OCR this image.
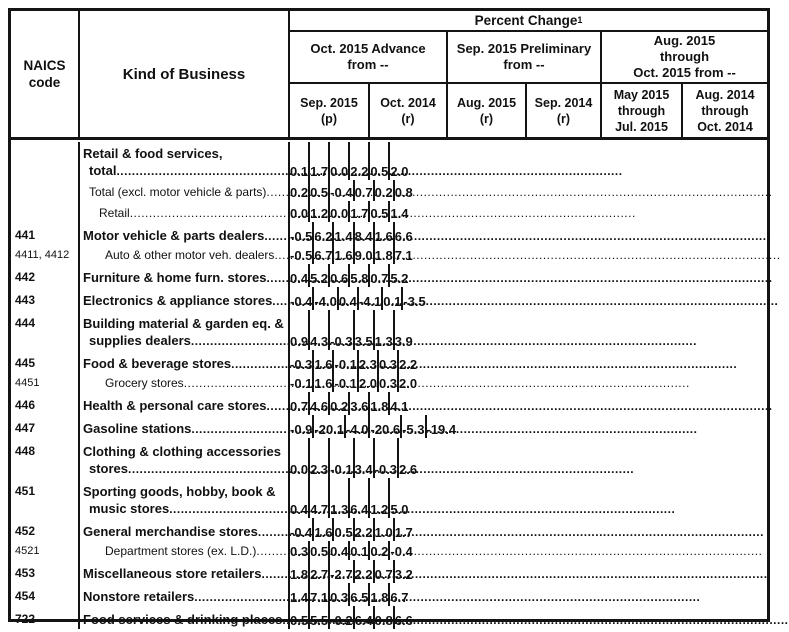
NAICS
code	Kind of Business
Percent Change$^1$
Oct. 2015 Advance
from --
Sep. 2015 Preliminary
from --
Aug. 2015
through
Oct. 2015 from --
Sep. 2015
(p)
Oct. 2014
(r)
Aug. 2015
(r)
Sep. 2014
(r)
May 2015
through
Jul. 2015
Aug. 2014
through
Oct. 2014
Retail & food services,
total .....	0.1 1.7 0.0 2.2 0.5 2.0
Total (excl. motor vehicle & parts) ..... 0.2 0.5 -0.4 0.7 0.2 0.8
Retail .....	0.0 1.2 0.0 1.7 0.5 1.4
441	Motor vehicle & parts dealers ..... -0.5 6.2 1.4 8.4 1.6 6.6
4411, 4412	Auto & other motor veh. dealers ..... -0.5 6.7 1.6 9.0 1.8 7.1
442	Furniture & home furn. stores ..... 0.4 5.2 0.6 5.8 0.7 5.2
443	Electronics & appliance stores ..... -0.4 -4.0 0.4 -4.1 0.1 -3.5
444	Building material & garden eq. &
supplies dealers .....	0.9 4.3 -0.3 3.5 1.3 3.9
445	Food & beverage stores .....	-0.3 1.6 -0.1 2.3 0.3 2.2
4451	Grocery stores .....	-0.1 1.6 -0.1 2.0 0.3 2.0
446	Health & personal care stores ..... 0.7 4.6 0.2 3.6 1.8 4.1
447	Gasoline stations .....	-0.9 -20.1 -4.0 -20.6 -5.3 -19.4
448	Clothing & clothing accessories
stores .....	0.0 2.3 -0.1 3.4 -0.3 2.6
451	Sporting goods, hobby, book &
music stores .....	0.4 4.7 1.3 6.4 1.2 5.0
452	General merchandise stores ..... -0.4 1.6 0.5 2.2 1.0 1.7
4521	Department stores (ex. L.D.) .....	0.3 0.5 0.4 0.1 0.2 -0.4
453	Miscellaneous store retailers ..... 1.8 2.7 -2.7 2.2 0.7 3.2
454	Nonstore retailers .....	1.4 7.1 0.3 6.5 1.8 6.7
722	Food services & drinking places ..... 0.5 5.5 -0.2 6.4 0.8 6.6
